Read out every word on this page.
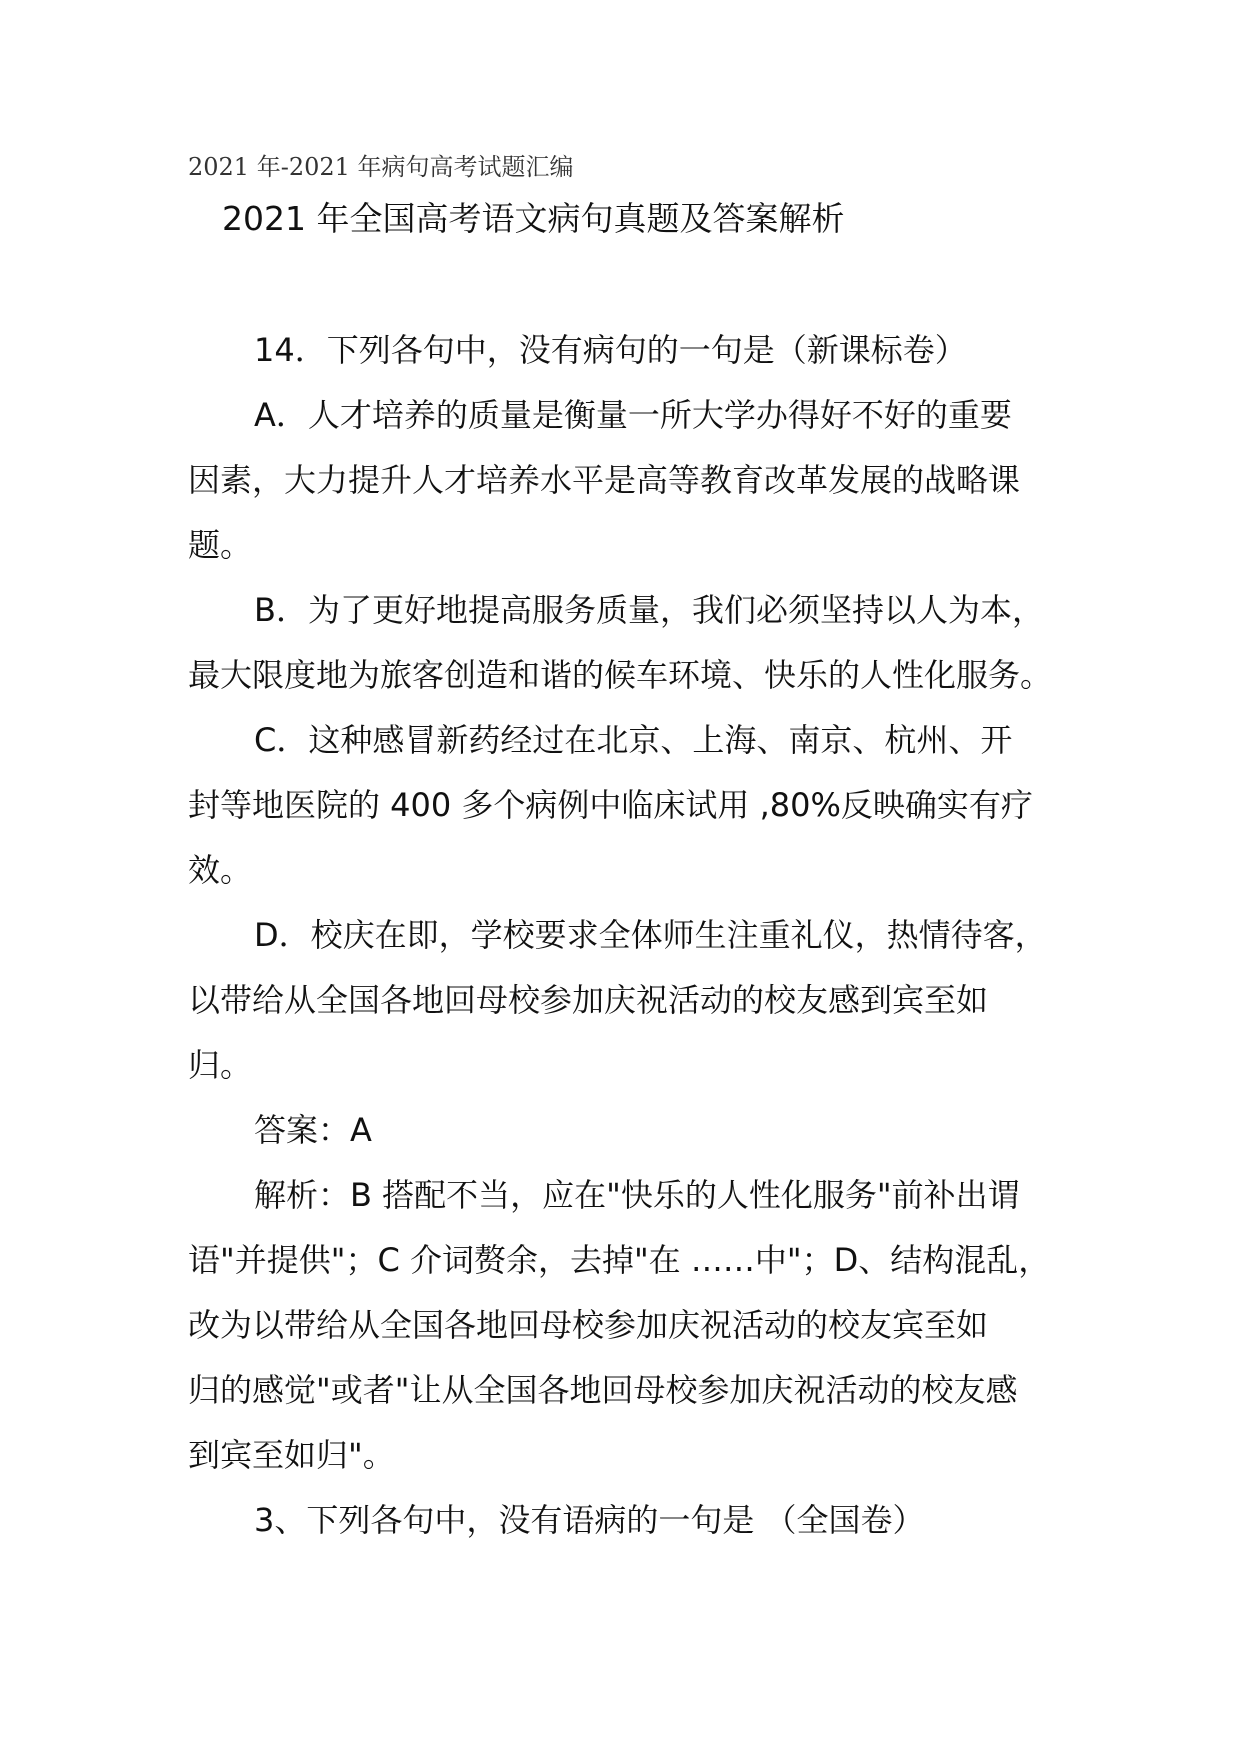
2021 年-2021 年病句高考试题汇编
2021 年全国高考语文病句真题及答案解析
14．下列各句中，没有病句的一句是（新课标卷）
A．人才培养的质量是衡量一所大学办得好不好的重要
因素，大力提升人才培养水平是高等教育改革发展的战略课
题。
B．为了更好地提高服务质量，我们必须坚持以人为本，
最大限度地为旅客创造和谐的候车环境、快乐的人性化服务。
C．这种感冒新药经过在北京、上海、南京、杭州、开
封等地医院的 400 多个病例中临床试用 ,80%反映确实有疗
效。
D．校庆在即，学校要求全体师生注重礼仪，热情待客，
以带给从全国各地回母校参加庆祝活动的校友感到宾至如
归。
答案：A
解析：B 搭配不当，应在"快乐的人性化服务"前补出谓
语"并提供"；C 介词赘余，去掉"在 ……中"；D、结构混乱，
改为以带给从全国各地回母校参加庆祝活动的校友宾至如
归的感觉"或者"让从全国各地回母校参加庆祝活动的校友感
到宾至如归"。
3、下列各句中，没有语病的一句是 （全国卷）
